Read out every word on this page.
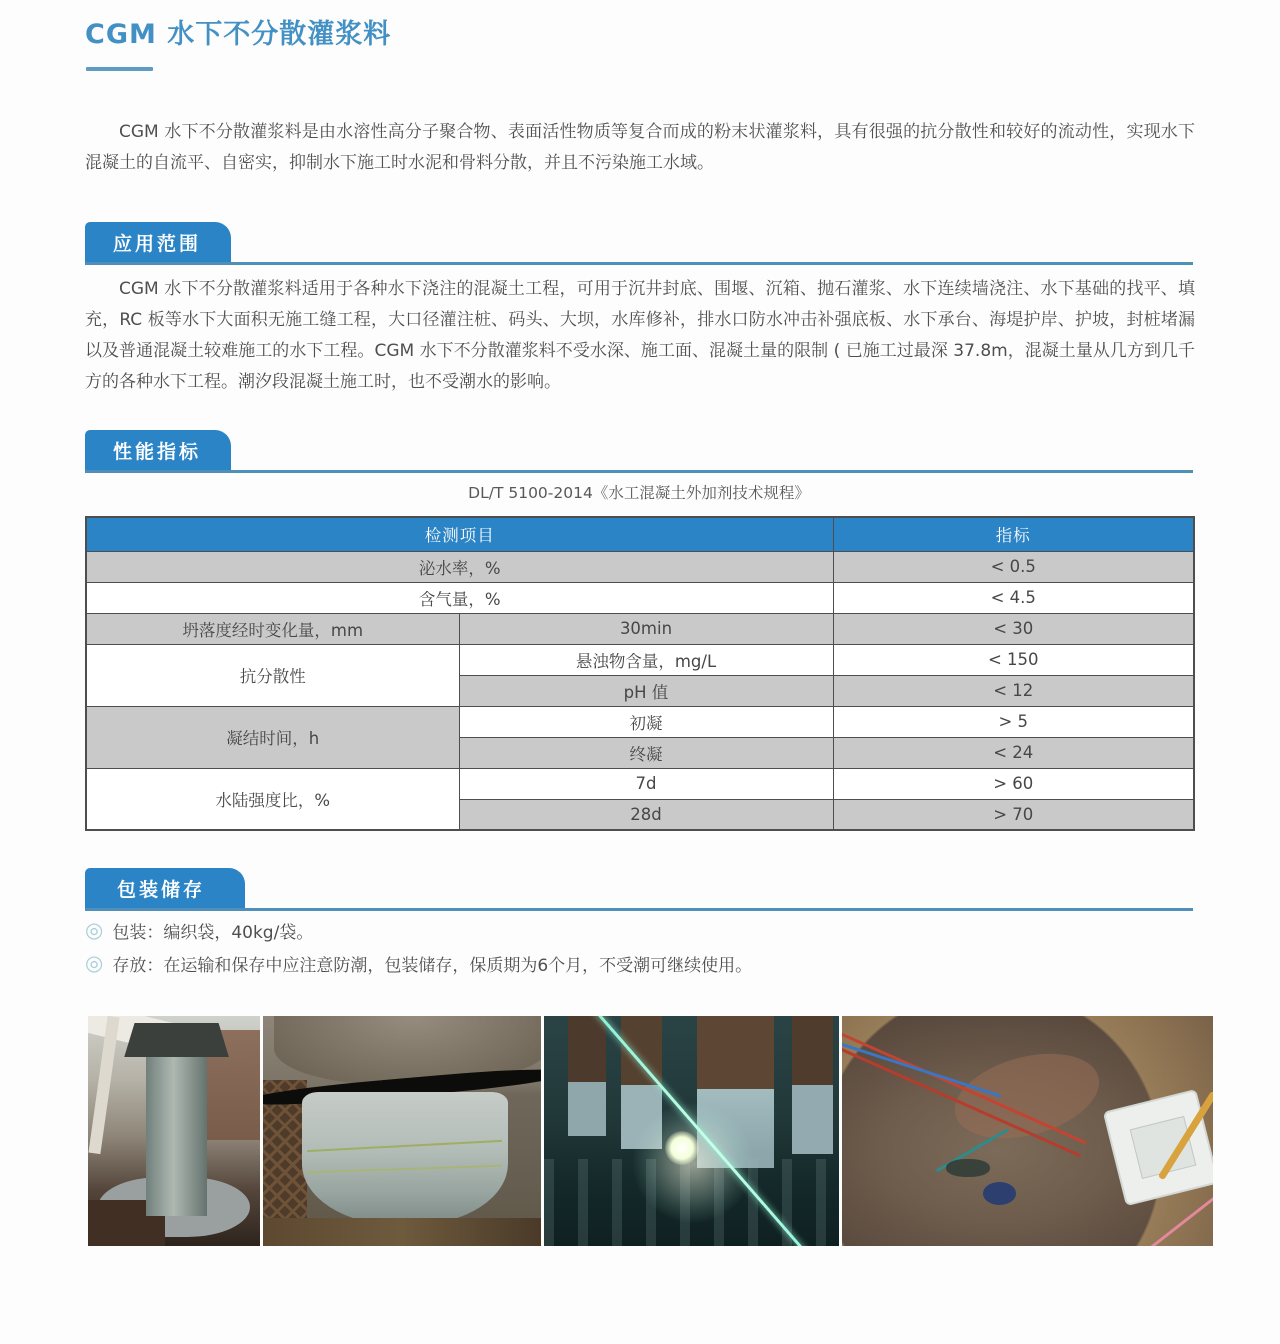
CGM 水下不分散灌浆料

CGM 水下不分散灌浆料是由水溶性高分子聚合物、表面活性物质等复合而成的粉末状灌浆料，具有很强的抗分散性和较好的流动性，实现水下混凝土的自流平、自密实，抑制水下施工时水泥和骨料分散，并且不污染施工水域。

应用范围

CGM 水下不分散灌浆料适用于各种水下浇注的混凝土工程，可用于沉井封底、围堰、沉箱、抛石灌浆、水下连续墙浇注、水下基础的找平、填充，RC 板等水下大面积无施工缝工程，大口径灌注桩、码头、大坝，水库修补，排水口防水冲击补强底板、水下承台、海堤护岸、护坡，封桩堵漏以及普通混凝土较难施工的水下工程。CGM 水下不分散灌浆料不受水深、施工面、混凝土量的限制 ( 已施工过最深 37.8m，混凝土量从几方到几千方的各种水下工程。潮汐段混凝土施工时，也不受潮水的影响。

性能指标
DL/T 5100-2014《水工混凝土外加剂技术规程》
检测项目		指标
泌水率，%		< 0.5
含气量，%		< 4.5
坍落度经时变化量，mm	30min	< 30
抗分散性	悬浊物含量，mg/L	< 150
	pH 值	< 12
凝结时间，h	初凝	> 5
	终凝	< 24
水陆强度比，%	7d	> 60
	28d	> 70
包装储存
◎ 包装：编织袋，40kg/袋。
◎ 存放：在运输和保存中应注意防潮，包装储存，保质期为6个月，不受潮可继续使用。
